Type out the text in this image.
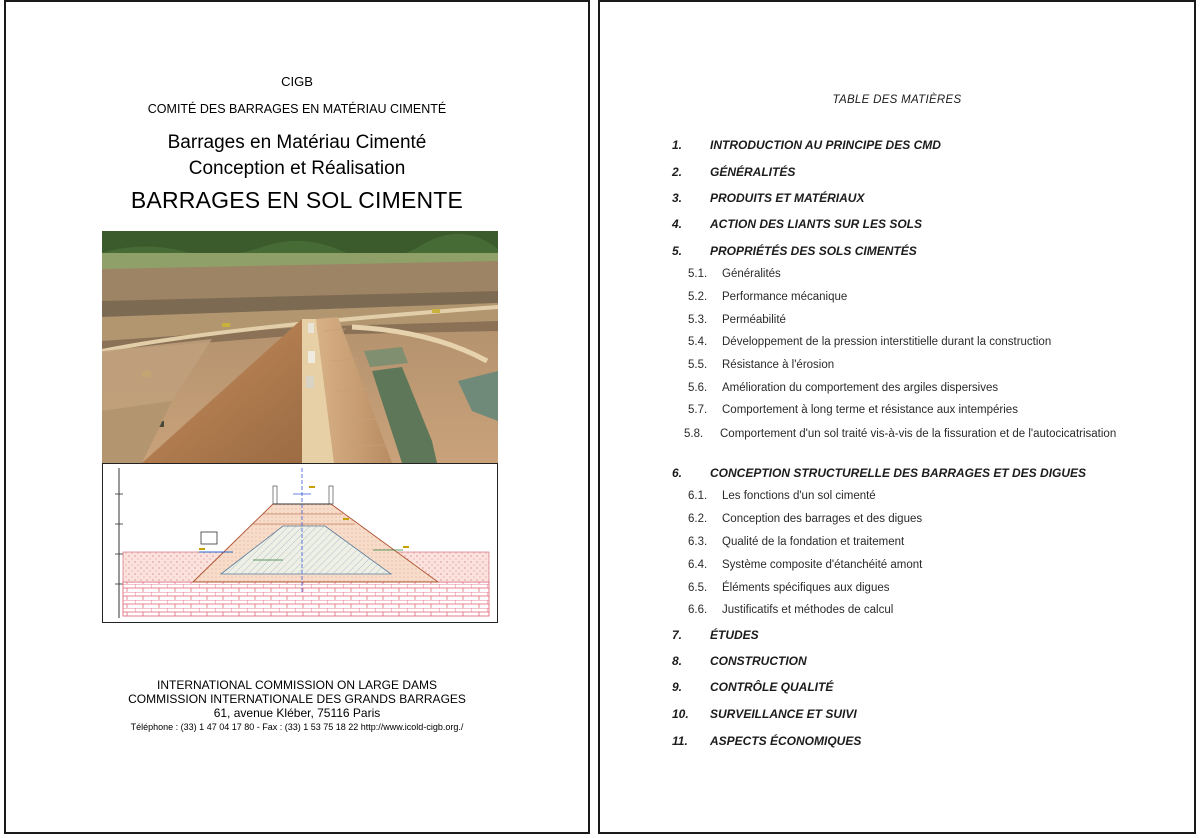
CIGB
COMITÉ DES BARRAGES EN MATÉRIAU CIMENTÉ
Barrages en Matériau Cimenté
Conception et Réalisation
BARRAGES EN SOL CIMENTE
INTERNATIONAL COMMISSION ON LARGE DAMS
COMMISSION INTERNATIONALE DES GRANDS BARRAGES
61, avenue Kléber, 75116 Paris
Téléphone : (33) 1 47 04 17 80 - Fax : (33) 1 53 75 18 22 http://www.icold-cigb.org./
TABLE DES MATIÈRES
1. INTRODUCTION AU PRINCIPE DES CMD
2. GÉNÉRALITÉS
3. PRODUITS ET MATÉRIAUX
4. ACTION DES LIANTS SUR LES SOLS
5. PROPRIÉTÉS DES SOLS CIMENTÉS
5.1. Généralités
5.2. Performance mécanique
5.3. Perméabilité
5.4. Développement de la pression interstitielle durant la construction
5.5. Résistance à l'érosion
5.6. Amélioration du comportement des argiles dispersives
5.7. Comportement à long terme et résistance aux intempéries
5.8. Comportement d'un sol traité vis-à-vis de la fissuration et de l'autocicatrisation
6. CONCEPTION STRUCTURELLE DES BARRAGES ET DES DIGUES
6.1. Les fonctions d'un sol cimenté
6.2. Conception des barrages et des digues
6.3. Qualité de la fondation et traitement
6.4. Système composite d'étanchéité amont
6.5. Éléments spécifiques aux digues
6.6. Justificatifs et méthodes de calcul
7. ÉTUDES
8. CONSTRUCTION
9. CONTRÔLE QUALITÉ
10. SURVEILLANCE ET SUIVI
11. ASPECTS ÉCONOMIQUES
